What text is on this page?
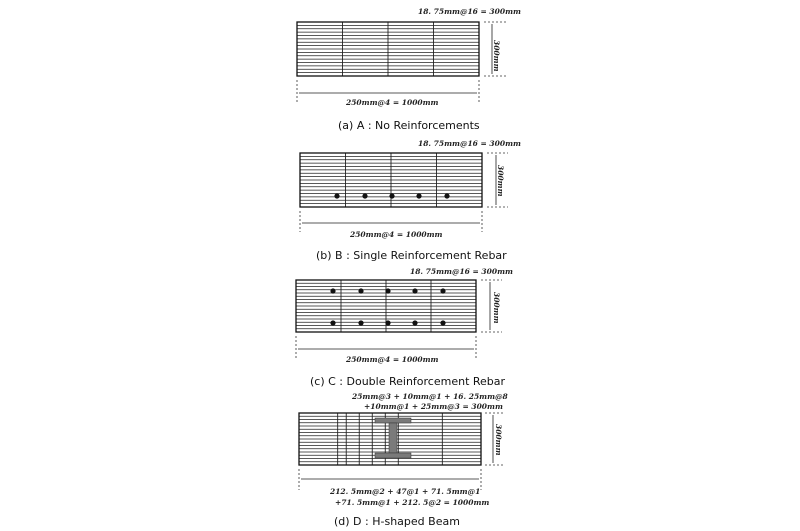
18. 75mm@16 = 300mm
300mm
250mm@4 = 1000mm
(a) A : No Reinforcements
18. 75mm@16 = 300mm
300mm
250mm@4 = 1000mm
(b) B : Single Reinforcement Rebar
18. 75mm@16 = 300mm
300mm
250mm@4 = 1000mm
(c) C : Double Reinforcement Rebar
25mm@3 + 10mm@1 + 16. 25mm@8
+10mm@1 + 25mm@3 = 300mm
300mm
212. 5mm@2 + 47@1 + 71. 5mm@1
+71. 5mm@1 + 212. 5@2 = 1000mm
(d) D : H-shaped Beam
